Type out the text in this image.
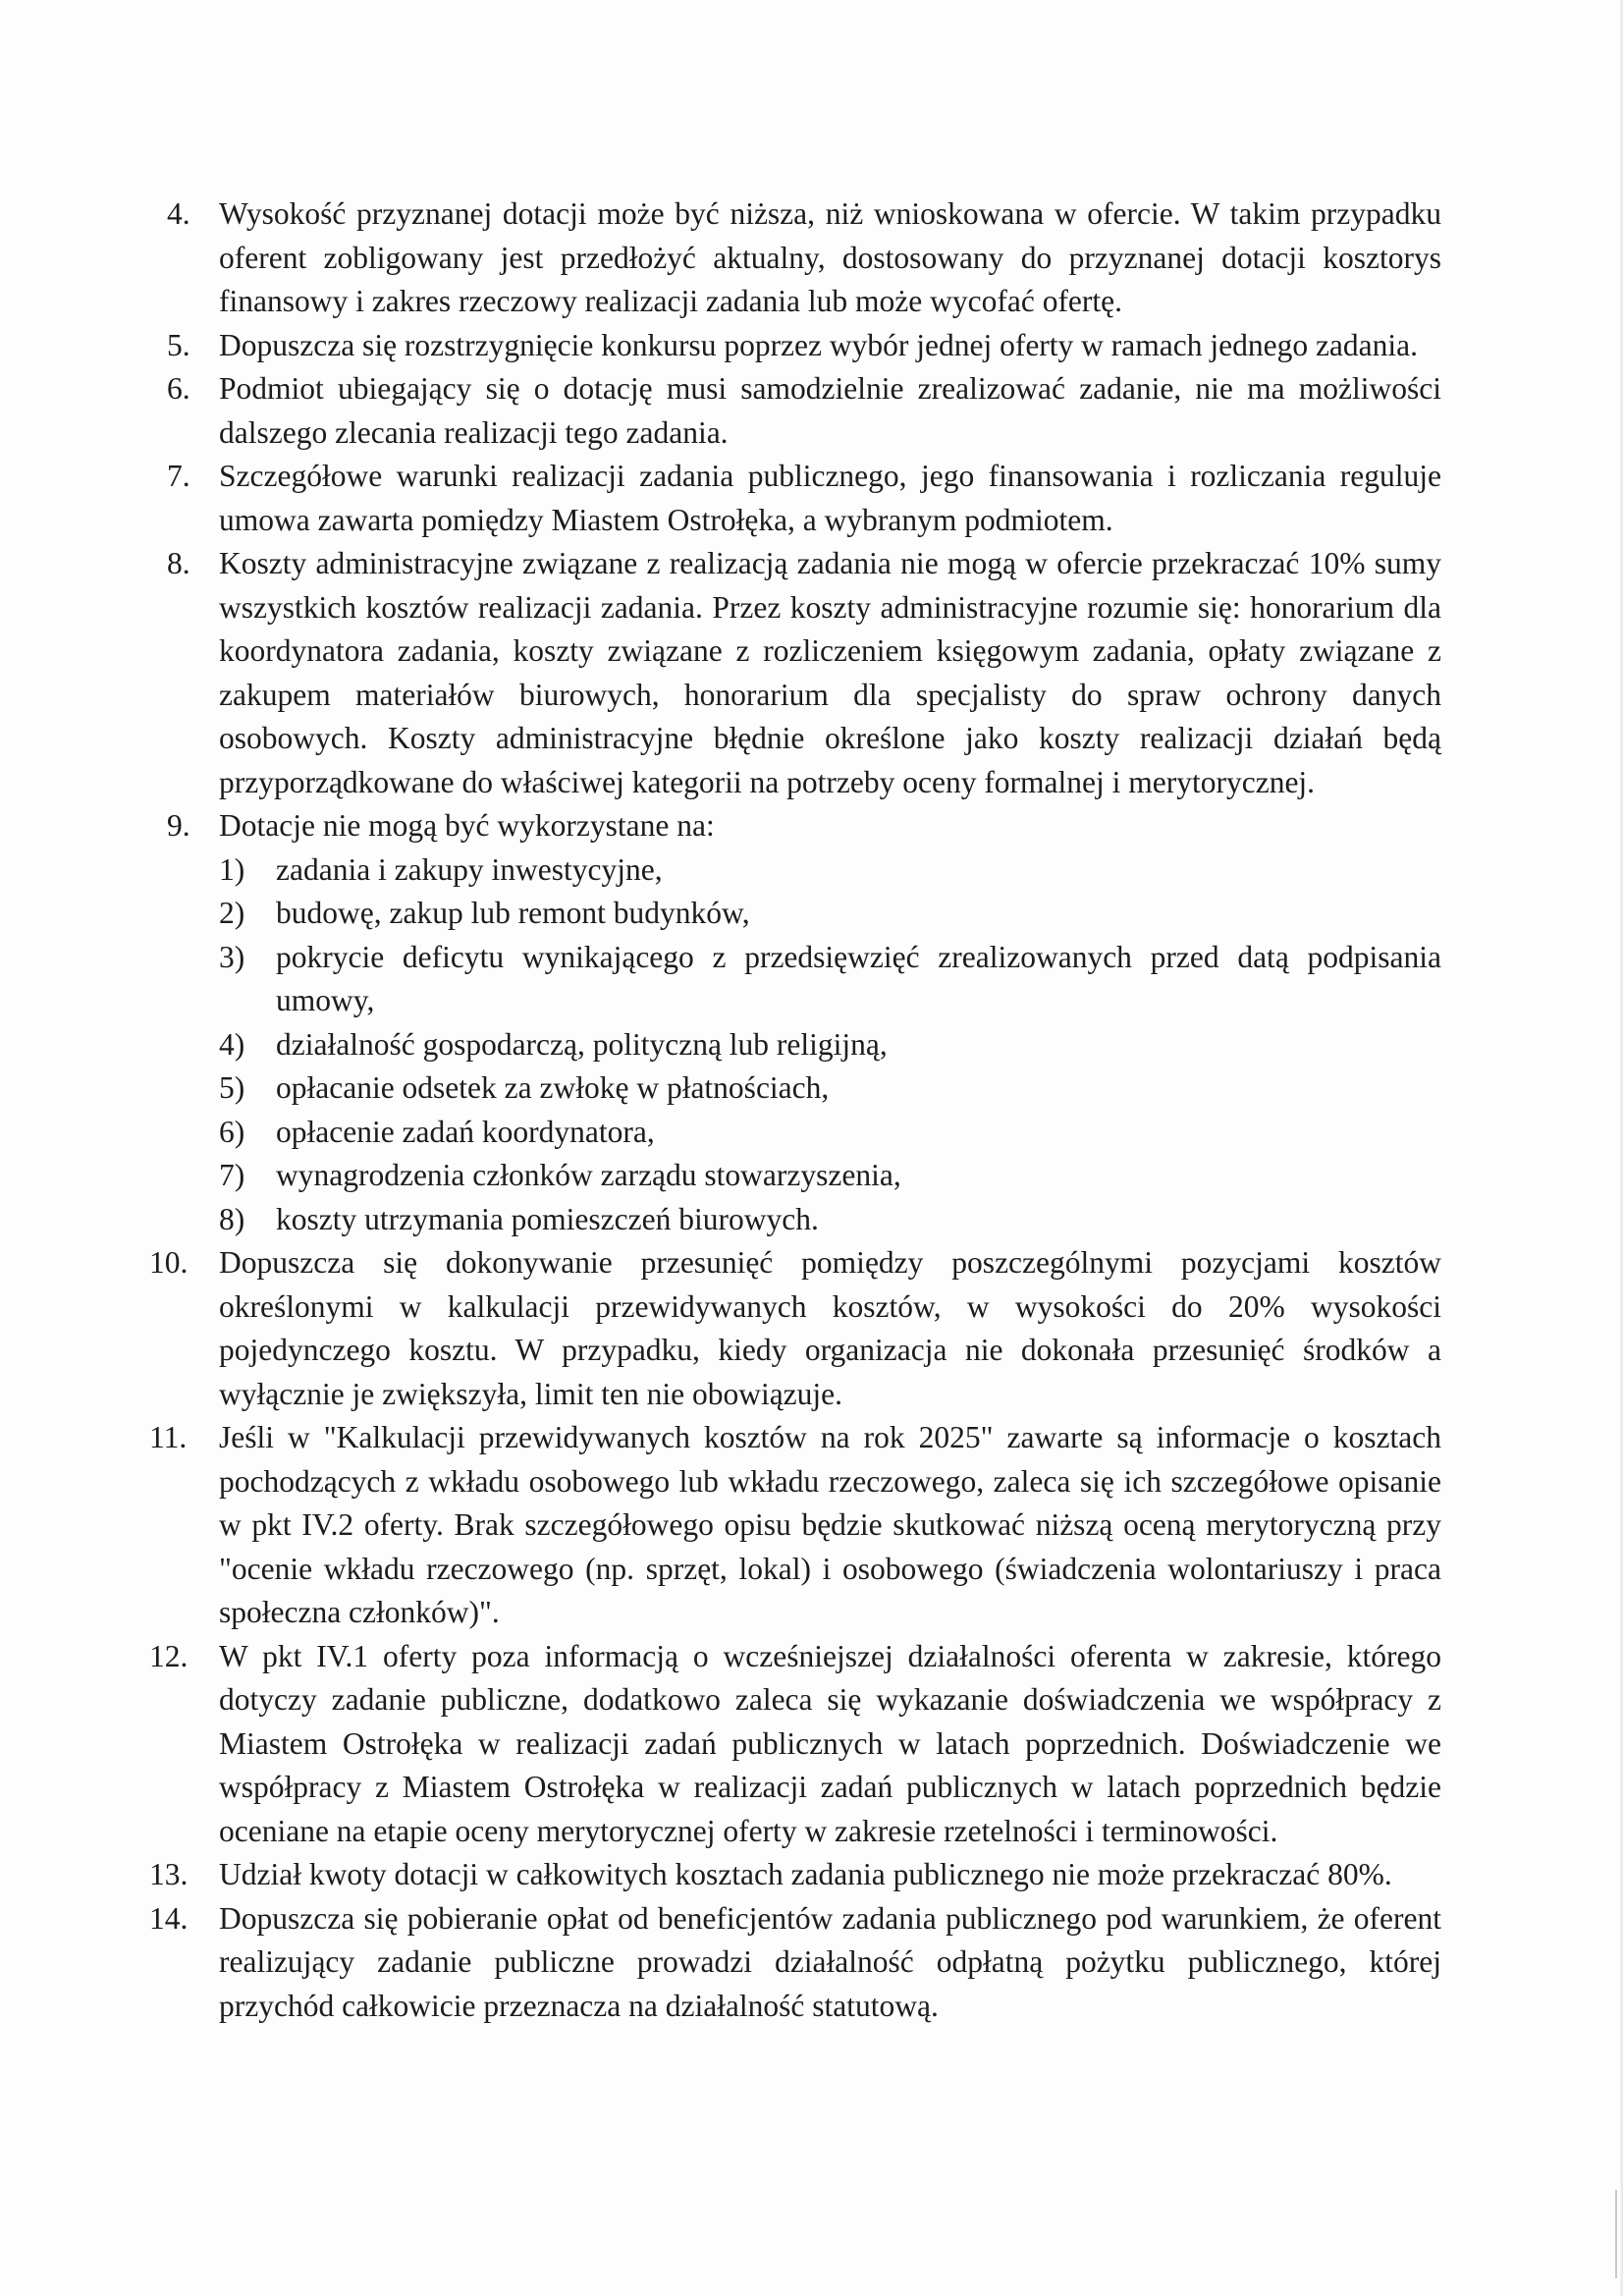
4. Wysokość przyznanej dotacji może być niższa, niż wnioskowana w ofercie. W takim przypadku oferent zobligowany jest przedłożyć aktualny, dostosowany do przyznanej dotacji kosztorys finansowy i zakres rzeczowy realizacji zadania lub może wycofać ofertę.
5. Dopuszcza się rozstrzygnięcie konkursu poprzez wybór jednej oferty w ramach jednego zadania.
6. Podmiot ubiegający się o dotację musi samodzielnie zrealizować zadanie, nie ma możliwości dalszego zlecania realizacji tego zadania.
7. Szczegółowe warunki realizacji zadania publicznego, jego finansowania i rozliczania reguluje umowa zawarta pomiędzy Miastem Ostrołęka, a wybranym podmiotem.
8. Koszty administracyjne związane z realizacją zadania nie mogą w ofercie przekraczać 10% sumy wszystkich kosztów realizacji zadania. Przez koszty administracyjne rozumie się: honorarium dla koordynatora zadania, koszty związane z rozliczeniem księgowym zadania, opłaty związane z zakupem materiałów biurowych, honorarium dla specjalisty do spraw ochrony danych osobowych. Koszty administracyjne błędnie określone jako koszty realizacji działań będą przyporządkowane do właściwej kategorii na potrzeby oceny formalnej i merytorycznej.
9. Dotacje nie mogą być wykorzystane na:
1)	zadania i zakupy inwestycyjne,
2)	budowę, zakup lub remont budynków,
3)	pokrycie deficytu wynikającego z przedsięwzięć zrealizowanych przed datą podpisania umowy,
4)	działalność gospodarczą, polityczną lub religijną,
5)	opłacanie odsetek za zwłokę w płatnościach,
6)	opłacenie zadań koordynatora,
7)	wynagrodzenia członków zarządu stowarzyszenia,
8)	koszty utrzymania pomieszczeń biurowych.
10.	Dopuszcza się dokonywanie przesunięć pomiędzy poszczególnymi pozycjami kosztów określonymi w kalkulacji przewidywanych kosztów, w wysokości do 20% wysokości pojedynczego kosztu. W przypadku, kiedy organizacja nie dokonała przesunięć środków a wyłącznie je zwiększyła, limit ten nie obowiązuje.
11.	Jeśli w "Kalkulacji przewidywanych kosztów na rok 2025" zawarte są informacje o kosztach pochodzących z wkładu osobowego lub wkładu rzeczowego, zaleca się ich szczegółowe opisanie w pkt IV.2 oferty. Brak szczegółowego opisu będzie skutkować niższą oceną merytoryczną przy "ocenie wkładu rzeczowego (np. sprzęt, lokal) i osobowego (świadczenia wolontariuszy i praca społeczna członków)".
12.	W pkt IV.1 oferty poza informacją o wcześniejszej działalności oferenta w zakresie, którego dotyczy zadanie publiczne, dodatkowo zaleca się wykazanie doświadczenia we współpracy z Miastem Ostrołęka w realizacji zadań publicznych w latach poprzednich. Doświadczenie we współpracy z Miastem Ostrołęka w realizacji zadań publicznych w latach poprzednich będzie oceniane na etapie oceny merytorycznej oferty w zakresie rzetelności i terminowości.
13.	Udział kwoty dotacji w całkowitych kosztach zadania publicznego nie może przekraczać 80%.
14.	Dopuszcza się pobieranie opłat od beneficjentów zadania publicznego pod warunkiem, że oferent realizujący zadanie publiczne prowadzi działalność odpłatną pożytku publicznego, której przychód całkowicie przeznacza na działalność statutową.
